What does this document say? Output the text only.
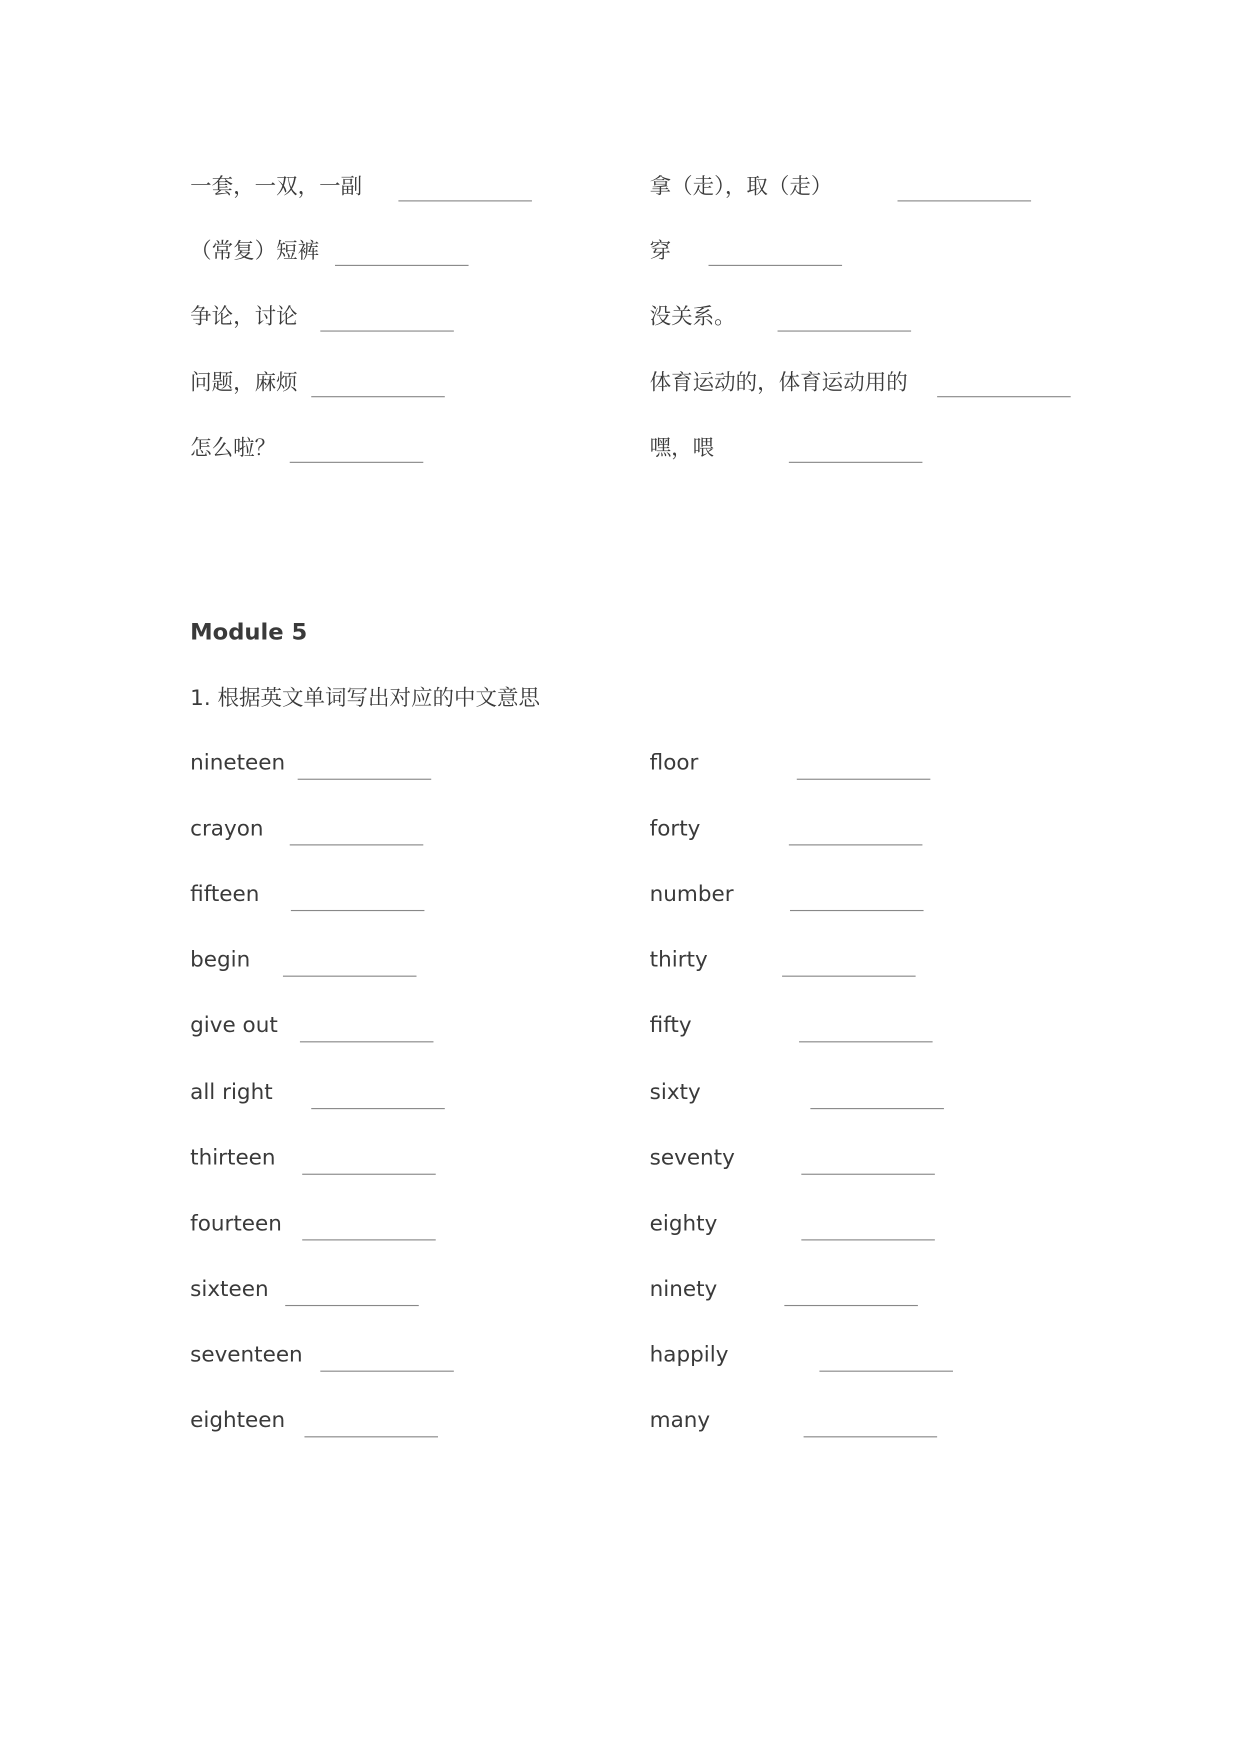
一套，一双，一副	拿（走），取（走）
（常复）短裤	穿
争论，讨论	没关系。
问题，麻烦	体育运动的，体育运动用的
怎么啦？	嘿，喂
Module 5
1. 根据英文单词写出对应的中文意思
nineteen	floor
crayon	forty
fifteen	number
begin	thirty
give out	fifty
all right	sixty
thirteen	seventy
fourteen	eighty
sixteen	ninety
seventeen	happily
eighteen	many
